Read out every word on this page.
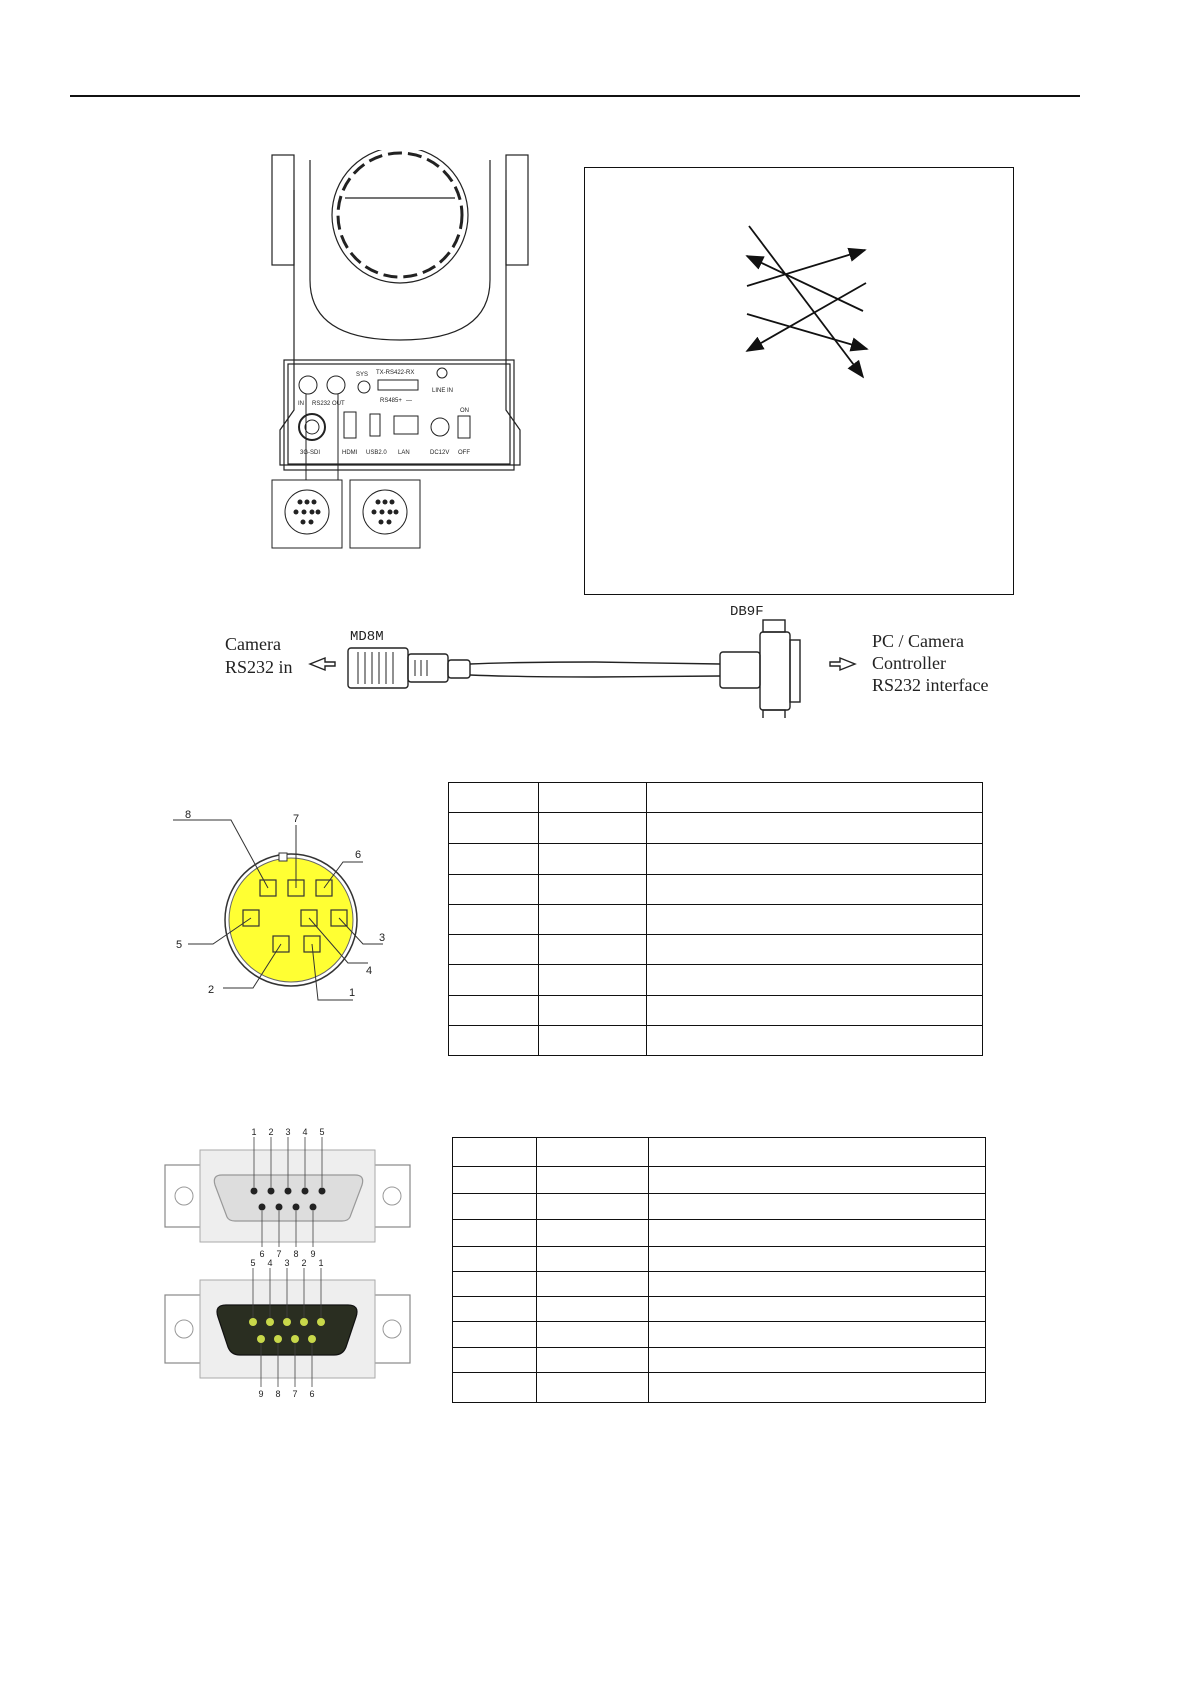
IN RS232 OUT
SYS TX-RS422-RX
RS485+ —
LINE IN
ON
OFF
3G-SDI	HDMI USB2.0 LAN	DC12V
Camera
RS232 in
PC / Camera
Controller
RS232 interface
MD8M
DB9F
8	7
6
5
3
4
2	1

1 2 3 4 5
6 7 8 9
5 4 3 2 1
9 8 7 6
